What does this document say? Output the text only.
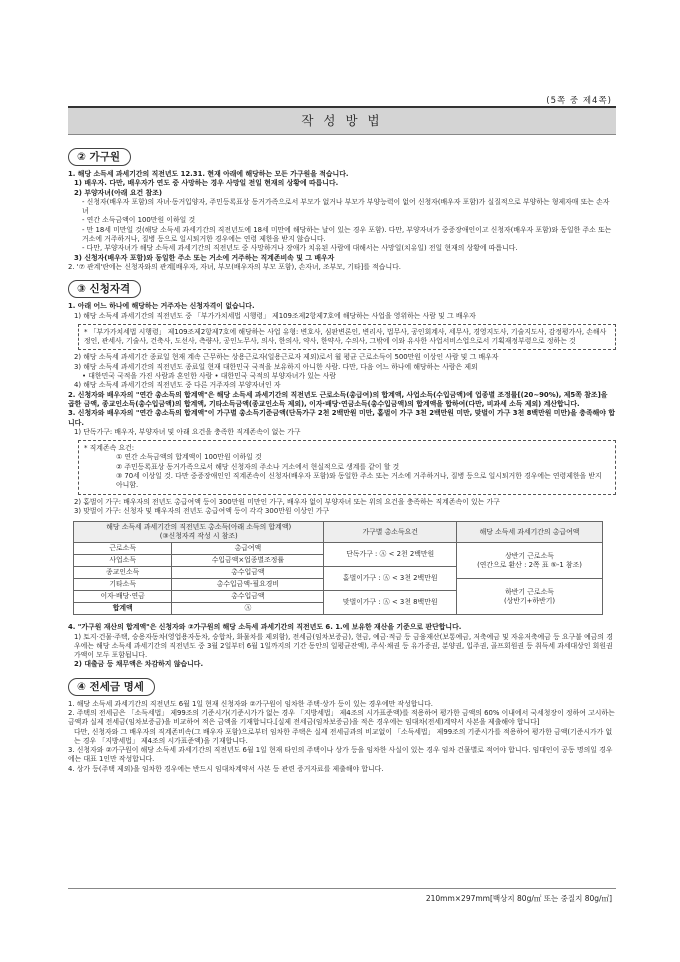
(5쪽 중 제4쪽)
작 성 방 법
② 가구원
1. 해당 소득세 과세기간의 직전년도 12.31. 현재 아래에 해당하는 모든 가구원을 적습니다.
1) 배우자. 다만, 배우자가 연도 중 사망하는 경우 사망일 전일 현재의 상황에 따릅니다.
2) 부양자녀(아래 요건 참조)
- 신청자(배우자 포함)의 자녀·동거입양자, 주민등록표상 동거가족으로서 부모가 없거나 부모가 부양능력이 없어 신청자(배우자 포함)가 실질적으로 부양하는 형제자매 또는 손자녀
- 연간 소득금액이 100만원 이하일 것
- 만 18세 미만일 것(해당 소득세 과세기간의 직전년도에 18세 미만에 해당하는 날이 있는 경우 포함). 다만, 부양자녀가 중증장애인이고 신청자(배우자 포함)와 동일한 주소 또는 거소에 거주하거나, 질병 등으로 일시퇴거한 경우에는 연령 제한을 받지 않습니다.
- 다만, 부양자녀가 해당 소득세 과세기간의 직전년도 중 사망하거나 장애가 치유된 사람에 대해서는 사망일(치유일) 전일 현재의 상황에 따릅니다.
3) 신청자(배우자 포함)와 동일한 주소 또는 거소에 거주하는 직계존비속 및 그 배우자
2. '⑦ 관계'란에는 신청자와의 관계[배우자, 자녀, 부모(배우자의 부모 포함), 손자녀, 조부모, 기타]를 적습니다.
③ 신청자격
1. 아래 어느 하나에 해당하는 거주자는 신청자격이 없습니다.
1) 해당 소득세 과세기간의 직전년도 중 「부가가치세법 시행령」 제109조제2항제7호에 해당하는 사업을 영위하는 사람 및 그 배우자
* 「부가가치세법 시행령」 제109조제2항제7호에 해당하는 사업 유형: 변호사, 심판변론인, 변리사, 법무사, 공인회계사, 세무사, 경영지도사, 기술지도사, 감정평가사, 손해사정인, 관세사, 기술사, 건축사, 도선사, 측량사, 공인노무사, 의사, 한의사, 약사, 한약사, 수의사, 그밖에 이와 유사한 사업서비스업으로서 기획재정부령으로 정하는 것
2) 해당 소득세 과세기간 종료일 현재 계속 근무하는 상용근로자(일용근로자 제외)로서 월 평균 근로소득이 500만원 이상인 사람 및 그 배우자
3) 해당 소득세 과세기간의 직전년도 종료일 현재 대한민국 국적을 보유하지 아니한 사람. 다만, 다음 어느 하나에 해당하는 사람은 제외
• 대한민국 국적을 가진 사람과 혼인한 사람 • 대한민국 국적의 부양자녀가 있는 사람
4) 해당 소득세 과세기간의 직전년도 중 다른 거주자의 부양자녀인 자
2. 신청자와 배우자의 "연간 총소득의 합계액"은 해당 소득세 과세기간의 직전년도 근로소득(총급여)의 합계액, 사업소득(수입금액)에 업종별 조정률[(20~90%), 제5쪽 참조]을 곱한 금액, 종교인소득(총수입금액)의 합계액, 기타소득금액(종교인소득 제외), 이자·배당·연금소득(총수입금액)의 합계액을 합하여(다만, 비과세 소득 제외) 계산합니다.
3. 신청자와 배우자의 "연간 총소득의 합계액"이 가구별 총소득기준금액(단독가구 2천 2백만원 미만, 홑벌이 가구 3천 2백만원 미만, 맞벌이 가구 3천 8백만원 미만)을 충족해야 합니다.
1) 단독가구: 배우자, 부양자녀 및 아래 요건을 충족한 직계존속이 없는 가구
* 직계존속 요건:
① 연간 소득금액의 합계액이 100만원 이하일 것
② 주민등록표상 동거가족으로서 해당 신청자의 주소나 거소에서 현실적으로 생계를 같이 할 것
③ 70세 이상일 것. 다만 중증장애인인 직계존속이 신청자(배우자 포함)와 동일한 주소 또는 거소에 거주하거나, 질병 등으로 일시퇴거한 경우에는 연령제한을 받지 아니함.
2) 홑벌이 가구: 배우자의 전년도 총급여액 등이 300만원 미만인 가구, 배우자 없이 부양자녀 또는 위의 요건을 충족하는 직계존속이 있는 가구
3) 맞벌이 가구: 신청자 및 배우자의 전년도 총급여액 등이 각각 300만원 이상인 가구
해당 소득세 과세기간의 직전년도 총소득(아래 소득의 합계액)
(③신청자격 작성 시 참조)		가구별 총소득요건	해당 소득세 과세기간의 총급여액
근로소득	총급여액	단독가구 : Ⓐ < 2천 2백만원	상반기 근로소득
(연간으로 환산 : 2쪽 표 ⑤-1 참조)

사업소득	수입금액×업종별조정률		
종교인소득	총수입금액	홑벌이가구 : Ⓐ < 3천 2백만원	
기타소득	총수입금액-필요경비		하반기 근로소득
(상반기+하반기)

이자·배당·연금	총수입금액	맞벌이가구 : Ⓐ < 3천 8백만원	
합계액	Ⓐ		
4. "가구원 재산의 합계액"은 신청자와 ②가구원의 해당 소득세 과세기간의 직전년도 6. 1.에 보유한 재산을 기준으로 판단합니다.
1) 토지·건물·주택, 승용자동차(영업용자동차, 승합차, 화물차를 제외함), 전세금(임차보증금), 현금, 예금·적금 등 금융재산(보통예금, 저축예금 및 자유저축예금 등 요구불 예금의 경우에는 해당 소득세 과세기간의 직전년도 중 3월 2일부터 6월 1일까지의 기간 동안의 일평균잔액), 주식·채권 등 유가증권, 분양권, 입주권, 골프회원권 등 취득세 과세대상인 회원권 가액이 모두 포함됩니다.
2) 대출금 등 채무액은 차감하지 않습니다.
④ 전세금 명세
1. 해당 소득세 과세기간의 직전년도 6월 1일 현재 신청자와 ②가구원이 임차한 주택·상가 등이 있는 경우에만 작성합니다.
2. 주택의 전세금은 「소득세법」 제99조의 기준시가(기준시가가 없는 경우 「지방세법」 제4조의 시가표준액)를 적용하여 평가한 금액의 60% 이내에서 국세청장이 정하여 고시하는 금액과 실제 전세금(임차보증금)을 비교하여 적은 금액을 기재합니다.[실제 전세금(임차보증금)을 적은 경우에는 임대차(전세)계약서 사본을 제출해야 합니다]
다만, 신청자와 그 배우자의 직계존비속(그 배우자 포함)으로부터 임차한 주택은 실제 전세금과의 비교없이 「소득세법」 제99조의 기준시가를 적용하여 평가한 금액(기준시가가 없는 경우 「지방세법」 제4조의 시가표준액)을 기재합니다.
3. 신청자와 ②가구원이 해당 소득세 과세기간의 직전년도 6월 1일 현재 타인의 주택이나 상가 등을 임차한 사실이 있는 경우 임차 건물별로 적어야 합니다. 임대인이 공동 명의일 경우에는 대표 1인만 작성합니다.
4. 상가 등(주택 제외)을 임차한 경우에는 반드시 임대차계약서 사본 등 관련 증거자료를 제출해야 합니다.
210mm×297mm[백상지 80g/㎡ 또는 중질지 80g/㎡]
